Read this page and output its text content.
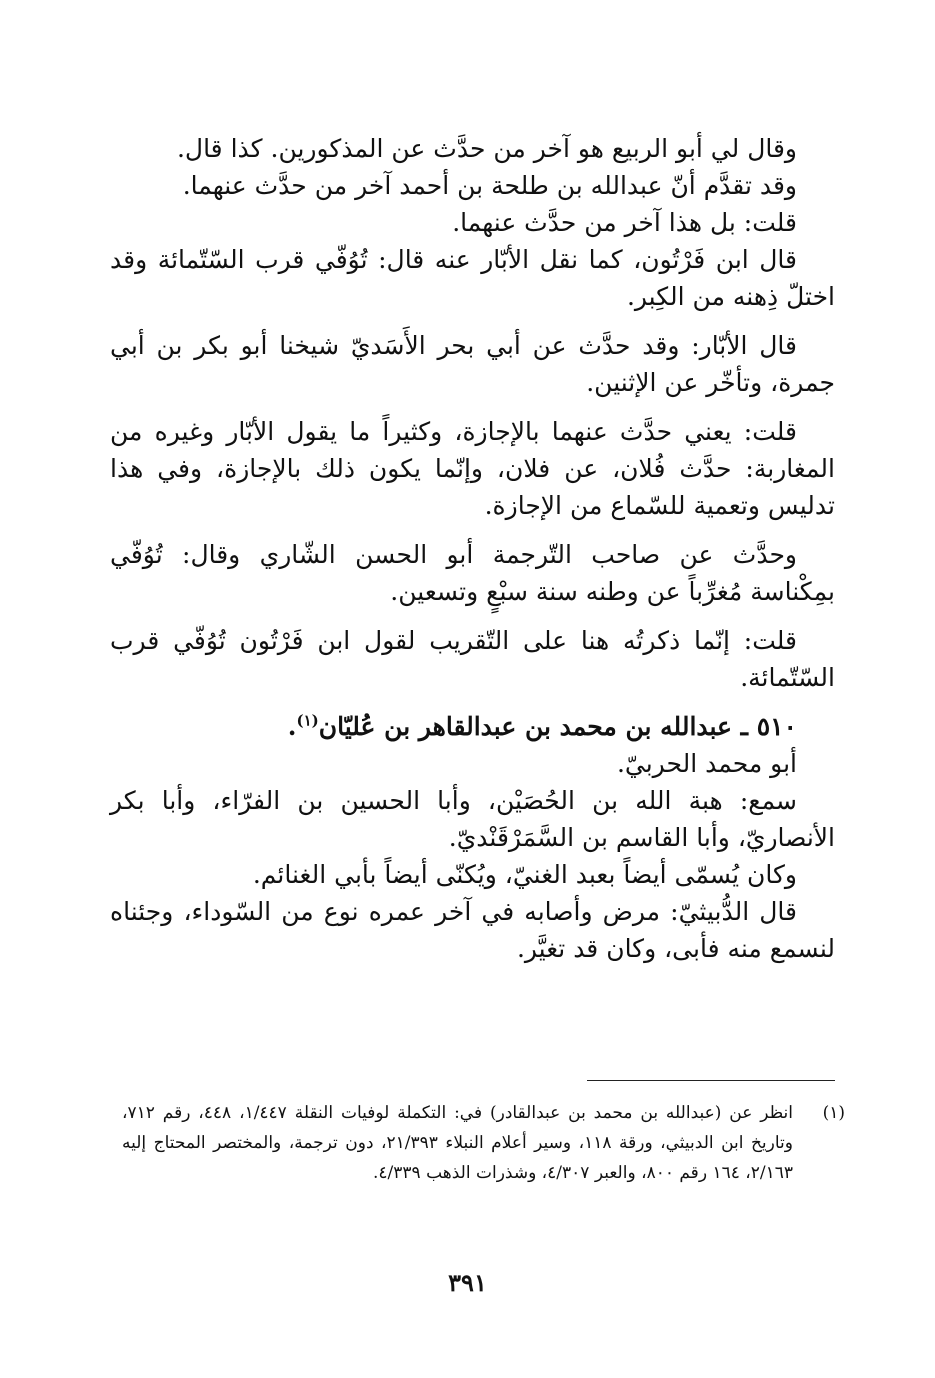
وقال لي أبو الربيع هو آخر من حدَّث عن المذكورين. كذا قال.

وقد تقدَّم أنّ عبدالله بن طلحة بن أحمد آخر من حدَّث عنهما.

قلت: بل هذا آخر من حدَّث عنهما.

قال ابن فَرْتُون، كما نقل الأبّار عنه قال: تُوُفّي قرب السّتّمائة وقد اختلّ ذِهنه من الكِبر.

قال الأبّار: وقد حدَّث عن أبي بحر الأَسَديّ شيخنا أبو بكر بن أبي جمرة، وتأخّر عن الإثنين.

قلت: يعني حدَّث عنهما بالإجازة، وكثيراً ما يقول الأبّار وغيره من المغاربة: حدَّث فُلان، عن فلان، وإنّما يكون ذلك بالإجازة، وفي هذا تدليس وتعمية للسّماع من الإجازة.

وحدَّث عن صاحب التّرجمة أبو الحسن الشّاري وقال: تُوُفّي بمِكْناسة مُغرِّباً عن وطنه سنة سبْعٍ وتسعين.

قلت: إنّما ذكرتُه هنا على التّقريب لقول ابن فَرْتُون تُوُفّي قرب السّتّمائة.

٥١٠ ـ عبدالله بن محمد بن عبدالقاهر بن عُليّان$^{(١)}$.

أبو محمد الحربيّ.

سمع: هبة الله بن الحُصَيْن، وأبا الحسين بن الفرّاء، وأبا بكر الأنصاريّ، وأبا القاسم بن السَّمَرْقَنْديّ.

وكان يُسمّى أيضاً بعبد الغنيّ، ويُكنّى أيضاً بأبي الغنائم.

قال الدُّبيثيّ: مرض وأصابه في آخر عمره نوع من السّوداء، وجئناه لنسمع منه فأبى، وكان قد تغيَّر.

(١)
انظر عن (عبدالله بن محمد بن عبدالقادر) في: التكملة لوفيات النقلة ١/٤٤٧، ٤٤٨، رقم ٧١٢، وتاريخ ابن الدبيثي، ورقة ١١٨، وسير أعلام النبلاء ٢١/٣٩٣، دون ترجمة، والمختصر المحتاج إليه ٢/١٦٣، ١٦٤ رقم ٨٠٠، والعبر ٤/٣٠٧، وشذرات الذهب ٤/٣٣٩.
٣٩١
